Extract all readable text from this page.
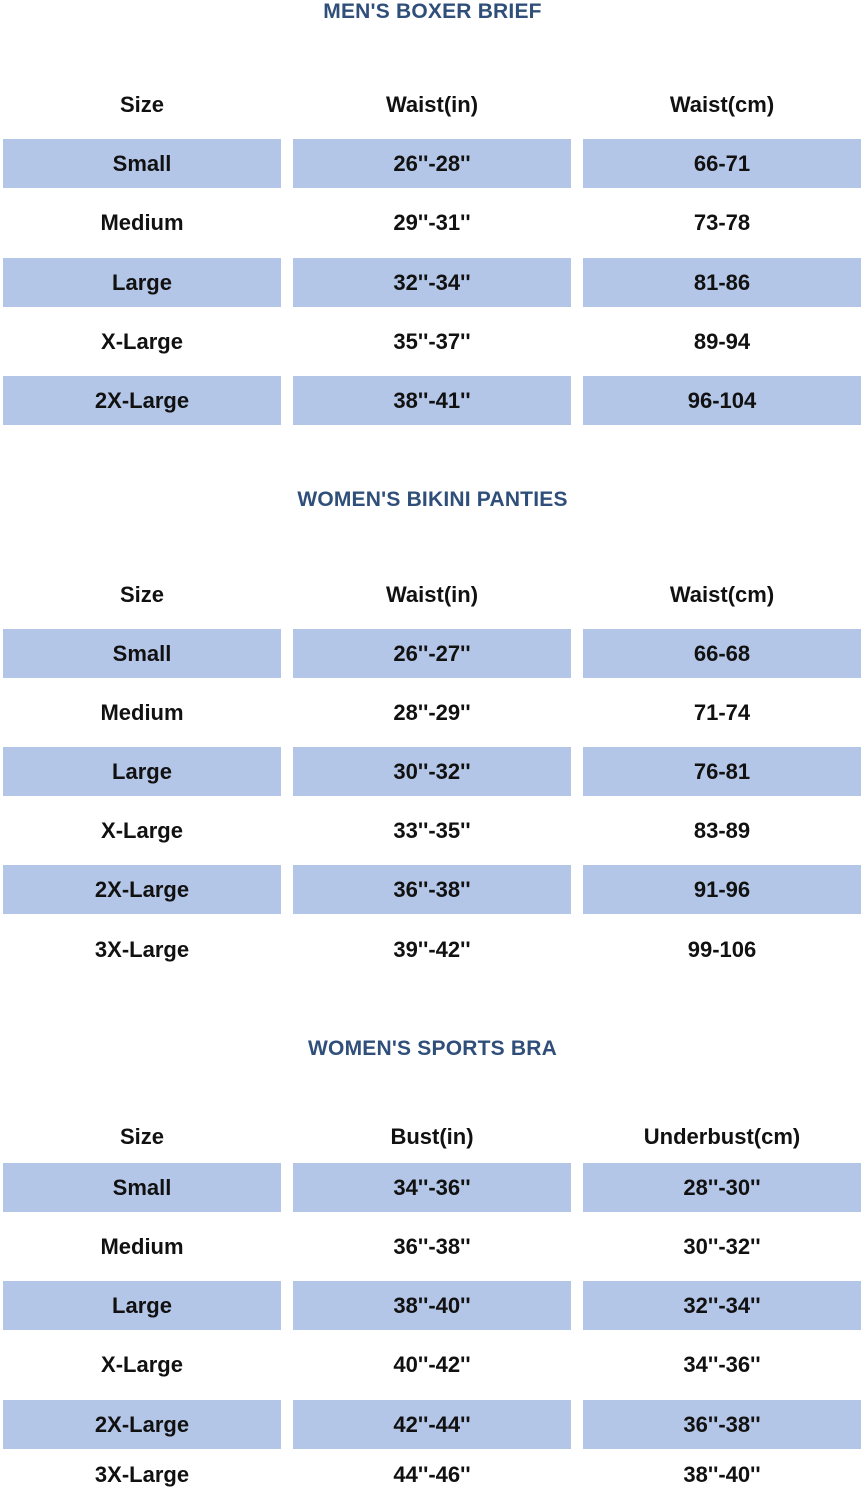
MEN'S BOXER BRIEF
Size	Waist(in)	Waist(cm)
Small	26''-28''	66-71
Medium	29''-31''	73-78
Large	32''-34''	81-86
X-Large	35''-37''	89-94
2X-Large	38''-41''	96-104
WOMEN'S BIKINI PANTIES
Size	Waist(in)	Waist(cm)
Small	26''-27''	66-68
Medium	28''-29''	71-74
Large	30''-32''	76-81
X-Large	33''-35''	83-89
2X-Large	36''-38''	91-96
3X-Large	39''-42''	99-106
WOMEN'S SPORTS BRA
Size	Bust(in)	Underbust(cm)
Small	34''-36''	28''-30''
Medium	36''-38''	30''-32''
Large	38''-40''	32''-34''
X-Large	40''-42''	34''-36''
2X-Large	42''-44''	36''-38''
3X-Large	44''-46''	38''-40''
